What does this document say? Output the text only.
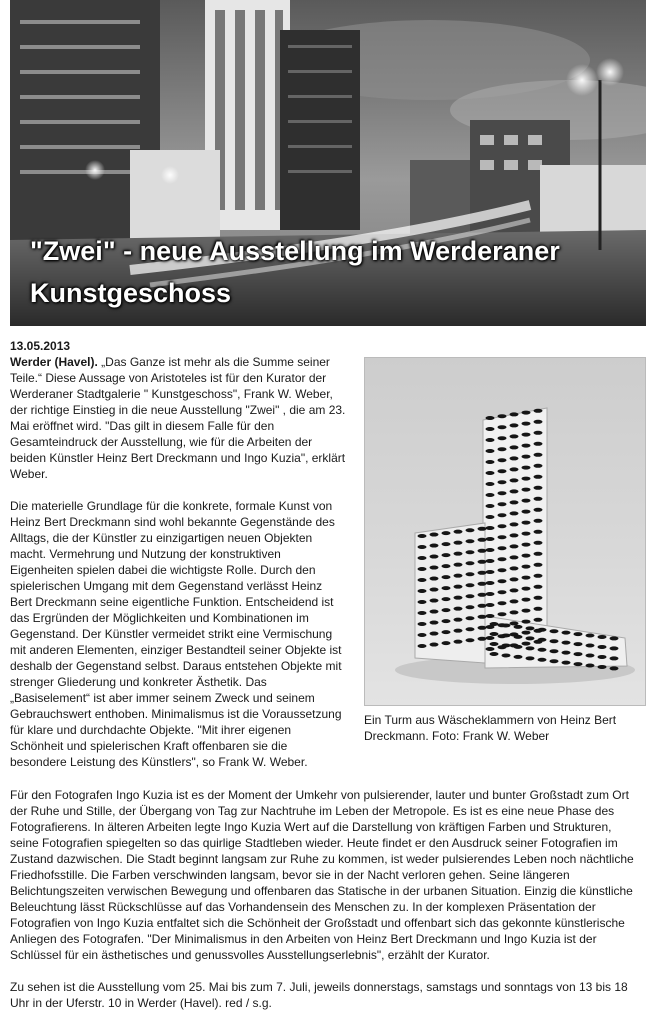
"Zwei" - neue Ausstellung im Werderaner Kunstgeschoss
13.05.2013

Werder (Havel). „Das Ganze ist mehr als die Summe seiner Teile.“ Diese Aussage von Aristoteles ist für den Kurator der Werderaner Stadtgalerie " Kunstgeschoss", Frank W. Weber, der richtige Einstieg in die neue Ausstellung "Zwei" , die am 23. Mai eröffnet wird. "Das gilt in diesem Falle für den Gesamteindruck der Ausstellung, wie für die Arbeiten der beiden Künstler Heinz Bert Dreckmann und Ingo Kuzia", erklärt Weber.

Die materielle Grundlage für die konkrete, formale Kunst von Heinz Bert Dreckmann sind wohl bekannte Gegenstände des Alltags, die der Künstler zu einzigartigen neuen Objekten macht. Vermehrung und Nutzung der konstruktiven Eigenheiten spielen dabei die wichtigste Rolle. Durch den spielerischen Umgang mit dem Gegenstand verlässt Heinz Bert Dreckmann seine eigentliche Funktion. Entscheidend ist das Ergründen der Möglichkeiten und Kombinationen im Gegenstand. Der Künstler vermeidet strikt eine Vermischung mit anderen Elementen, einziger Bestandteil seiner Objekte ist deshalb der Gegenstand selbst. Daraus entstehen Objekte mit strenger Gliederung und konkreter Ästhetik. Das „Basiselement“ ist aber immer seinem Zweck und seinem Gebrauchswert enthoben. Minimalismus ist die Voraussetzung für klare und durchdachte Objekte. "Mit ihrer eigenen Schönheit und spielerischen Kraft offenbaren sie die besondere Leistung des Künstlers", so Frank W. Weber.

Ein Turm aus Wäscheklammern von Heinz Bert Dreckmann. Foto: Frank W. Weber

Für den Fotografen Ingo Kuzia ist es der Moment der Umkehr von pulsierender, lauter und bunter Großstadt zum Ort der Ruhe und Stille, der Übergang von Tag zur Nachtruhe im Leben der Metropole. Es ist es eine neue Phase des Fotografierens. In älteren Arbeiten legte Ingo Kuzia Wert auf die Darstellung von kräftigen Farben und Strukturen, seine Fotografien spiegelten so das quirlige Stadtleben wieder. Heute findet er den Ausdruck seiner Fotografien im Zustand dazwischen. Die Stadt beginnt langsam zur Ruhe zu kommen, ist weder pulsierendes Leben noch nächtliche Friedhofsstille. Die Farben verschwinden langsam, bevor sie in der Nacht verloren gehen. Seine längeren Belichtungszeiten verwischen Bewegung und offenbaren das Statische in der urbanen Situation. Einzig die künstliche Beleuchtung lässt Rückschlüsse auf das Vorhandensein des Menschen zu. In der komplexen Präsentation der Fotografien von Ingo Kuzia entfaltet sich die Schönheit der Großstadt und offenbart sich das gekonnte künstlerische Anliegen des Fotografen. "Der Minimalismus in den Arbeiten von Heinz Bert Dreckmann und Ingo Kuzia ist der Schlüssel für ein ästhetisches und genussvolles Ausstellungserlebnis", erzählt der Kurator.

Zu sehen ist die Ausstellung vom 25. Mai bis zum 7. Juli, jeweils donnerstags, samstags und sonntags von 13 bis 18 Uhr in der Uferstr. 10 in Werder (Havel). red / s.g.
